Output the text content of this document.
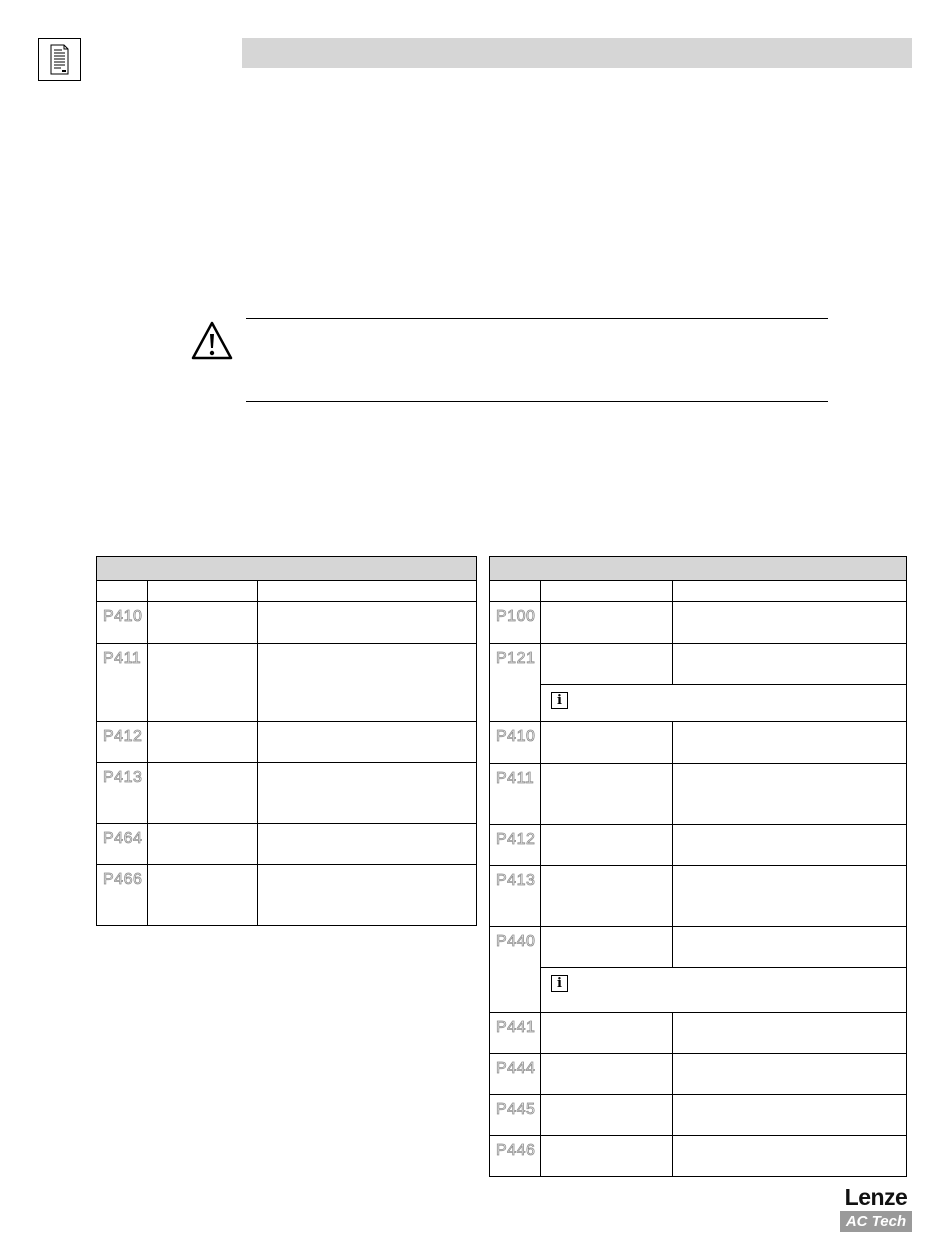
P410		

P411		

P412		

P413		

P464		

P466		

P100		

P121		

	i	

P410		

P411		

P412		

P413		

P440		

	i	

P441		

P444		

P445		

P446		

Lenze
AC Tech
